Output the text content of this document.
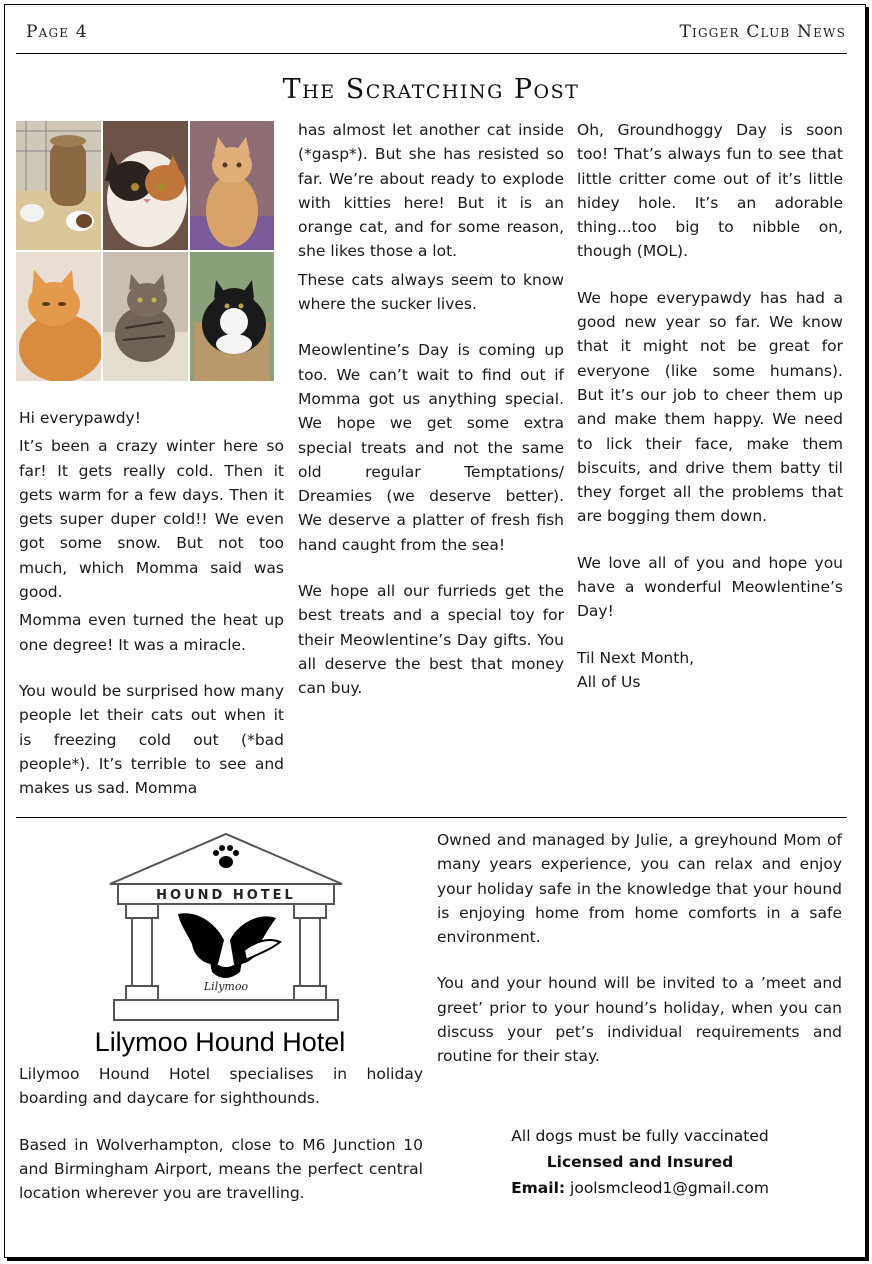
Page 4	Tigger Club News
The Scratching Post

Hi everypawdy!

It’s been a crazy winter here so far! It gets really cold. Then it gets warm for a few days. Then it gets super duper cold!! We even got some snow. But not too much, which Momma said was good.

Momma even turned the heat up one degree! It was a miracle.

You would be surprised how many people let their cats out when it is freezing cold out (*bad people*). It’s terrible to see and makes us sad. Momma

has almost let another cat inside (*gasp*). But she has resisted so far. We’re about ready to explode with kitties here! But it is an orange cat, and for some reason, she likes those a lot.

These cats always seem to know where the sucker lives.

Meowlentine’s Day is coming up too. We can’t wait to find out if Momma got us anything special. We hope we get some extra special treats and not the same old regular Temptations/ Dreamies (we deserve better). We deserve a platter of fresh fish hand caught from the sea!

We hope all our furrieds get the best treats and a special toy for their Meowlentine’s Day gifts. You all deserve the best that money can buy.

Oh, Groundhoggy Day is soon too! That’s always fun to see that little critter come out of it’s little hidey hole. It’s an adorable thing...too big to nibble on, though (MOL).

We hope everypawdy has had a good new year so far. We know that it might not be great for everyone (like some humans). But it’s our job to cheer them up and make them happy. We need to lick their face, make them biscuits, and drive them batty til they forget all the problems that are bogging them down.

We love all of you and hope you have a wonderful Meowlentine’s Day!

Til Next Month,

All of Us

HOUND HOTEL
Lilymoo
Lilymoo Hound Hotel

Lilymoo Hound Hotel specialises in holiday boarding and daycare for sighthounds.

Based in Wolverhampton, close to M6 Junction 10 and Birmingham Airport, means the perfect central location wherever you are travelling.

Owned and managed by Julie, a greyhound Mom of many years experience, you can relax and enjoy your holiday safe in the knowledge that your hound is enjoying home from home comforts in a safe environment.

You and your hound will be invited to a ’meet and greet’ prior to your hound’s holiday, when you can discuss your pet’s individual requirements and routine for their stay.

All dogs must be fully vaccinated
Licensed and Insured
Email: joolsmcleod1@gmail.com
